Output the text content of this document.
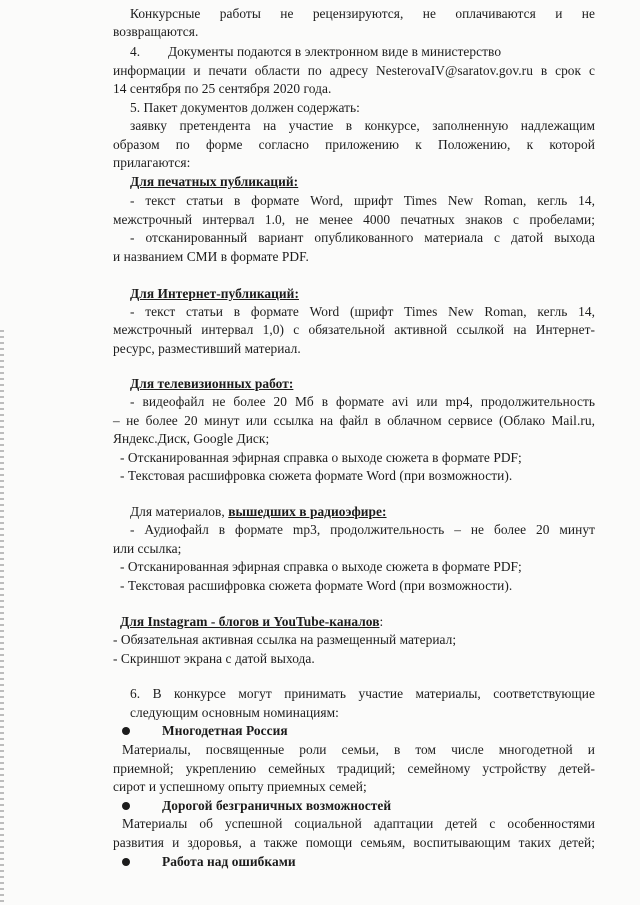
Конкурсные работы не рецензируются, не оплачиваются и не
возвращаются.
4.	Документы подаются в электронном виде в министерство
информации и печати области по адресу NesterovaIV@saratov.gov.ru в срок с
14 сентября по 25 сентября 2020 года.
5. Пакет документов должен содержать:
заявку претендента на участие в конкурсе, заполненную надлежащим
образом по форме согласно приложению к Положению, к которой
прилагаются:
Для печатных публикаций:
- текст статьи в формате Word, шрифт Times New Roman, кегль 14,
межстрочный интервал 1.0, не менее 4000 печатных знаков с пробелами;
- отсканированный вариант опубликованного материала с датой выхода
и названием СМИ в формате PDF.
Для Интернет-публикаций:
- текст статьи в формате Word (шрифт Times New Roman, кегль 14,
межстрочный интервал 1,0) с обязательной активной ссылкой на Интернет-
ресурс, разместивший материал.
Для телевизионных работ:
- видеофайл не более 20 Мб в формате avi или mp4, продолжительность
– не более 20 минут или ссылка на файл в облачном сервисе (Облако Mail.ru,
Яндекс.Диск, Google Диск;
- Отсканированная эфирная справка о выходе сюжета в формате PDF;
- Текстовая расшифровка сюжета формате Word (при возможности).
Для материалов, вышедших в радиоэфире:
- Аудиофайл в формате mp3, продолжительность – не более 20 минут
или ссылка;
- Отсканированная эфирная справка о выходе сюжета в формате PDF;
- Текстовая расшифровка сюжета формате Word (при возможности).
Для Instagram - блогов и YouTube-каналов:
- Обязательная активная ссылка на размещенный материал;
- Скриншот экрана с датой выхода.
6. В конкурсе могут принимать участие материалы, соответствующие
следующим основным номинациям:
Многодетная Россия
Материалы, посвященные роли семьи, в том числе многодетной и
приемной; укреплению семейных традиций; семейному устройству детей-
сирот и успешному опыту приемных семей;
Дорогой безграничных возможностей
Материалы об успешной социальной адаптации детей с особенностями
развития и здоровья, а также помощи семьям, воспитывающим таких детей;
Работа над ошибками
